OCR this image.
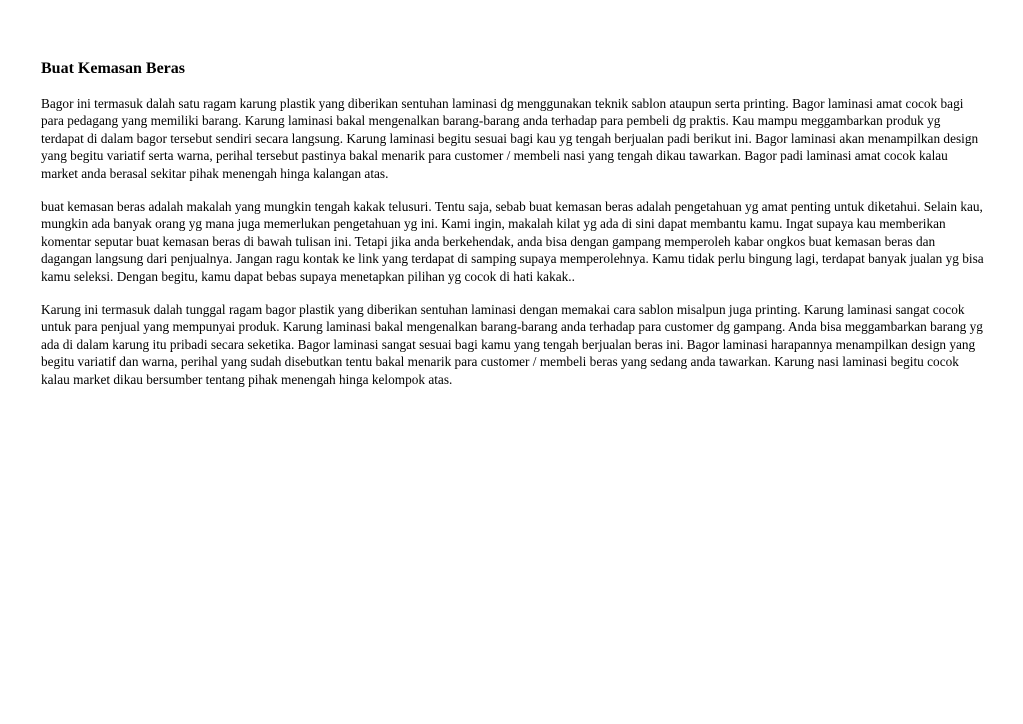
Buat Kemasan Beras

Bagor ini termasuk dalah satu ragam karung plastik yang diberikan sentuhan laminasi dg menggunakan teknik sablon ataupun serta printing. Bagor laminasi amat cocok bagi para pedagang yang memiliki barang. Karung laminasi bakal mengenalkan barang-barang anda terhadap para pembeli dg praktis. Kau mampu meggambarkan produk yg terdapat di dalam bagor tersebut sendiri secara langsung. Karung laminasi begitu sesuai bagi kau yg tengah berjualan padi berikut ini. Bagor laminasi akan menampilkan design yang begitu variatif serta warna, perihal tersebut pastinya bakal menarik para customer / membeli nasi yang tengah dikau tawarkan. Bagor padi laminasi amat cocok kalau market anda berasal sekitar pihak menengah hinga kalangan atas.

buat kemasan beras adalah makalah yang mungkin tengah kakak telusuri. Tentu saja, sebab buat kemasan beras adalah pengetahuan yg amat penting untuk diketahui. Selain kau, mungkin ada banyak orang yg mana juga memerlukan pengetahuan yg ini. Kami ingin, makalah kilat yg ada di sini dapat membantu kamu. Ingat supaya kau memberikan komentar seputar buat kemasan beras di bawah tulisan ini. Tetapi jika anda berkehendak, anda bisa dengan gampang memperoleh kabar ongkos buat kemasan beras dan dagangan langsung dari penjualnya. Jangan ragu kontak ke link yang terdapat di samping supaya memperolehnya. Kamu tidak perlu bingung lagi, terdapat banyak jualan yg bisa kamu seleksi. Dengan begitu, kamu dapat bebas supaya menetapkan pilihan yg cocok di hati kakak..

Karung ini termasuk dalah tunggal ragam bagor plastik yang diberikan sentuhan laminasi dengan memakai cara sablon misalpun juga printing. Karung laminasi sangat cocok untuk para penjual yang mempunyai produk. Karung laminasi bakal mengenalkan barang-barang anda terhadap para customer dg gampang. Anda bisa meggambarkan barang yg ada di dalam karung itu pribadi secara seketika. Bagor laminasi sangat sesuai bagi kamu yang tengah berjualan beras ini. Bagor laminasi harapannya menampilkan design yang begitu variatif dan warna, perihal yang sudah disebutkan tentu bakal menarik para customer / membeli beras yang sedang anda tawarkan. Karung nasi laminasi begitu cocok kalau market dikau bersumber tentang pihak menengah hinga kelompok atas.
